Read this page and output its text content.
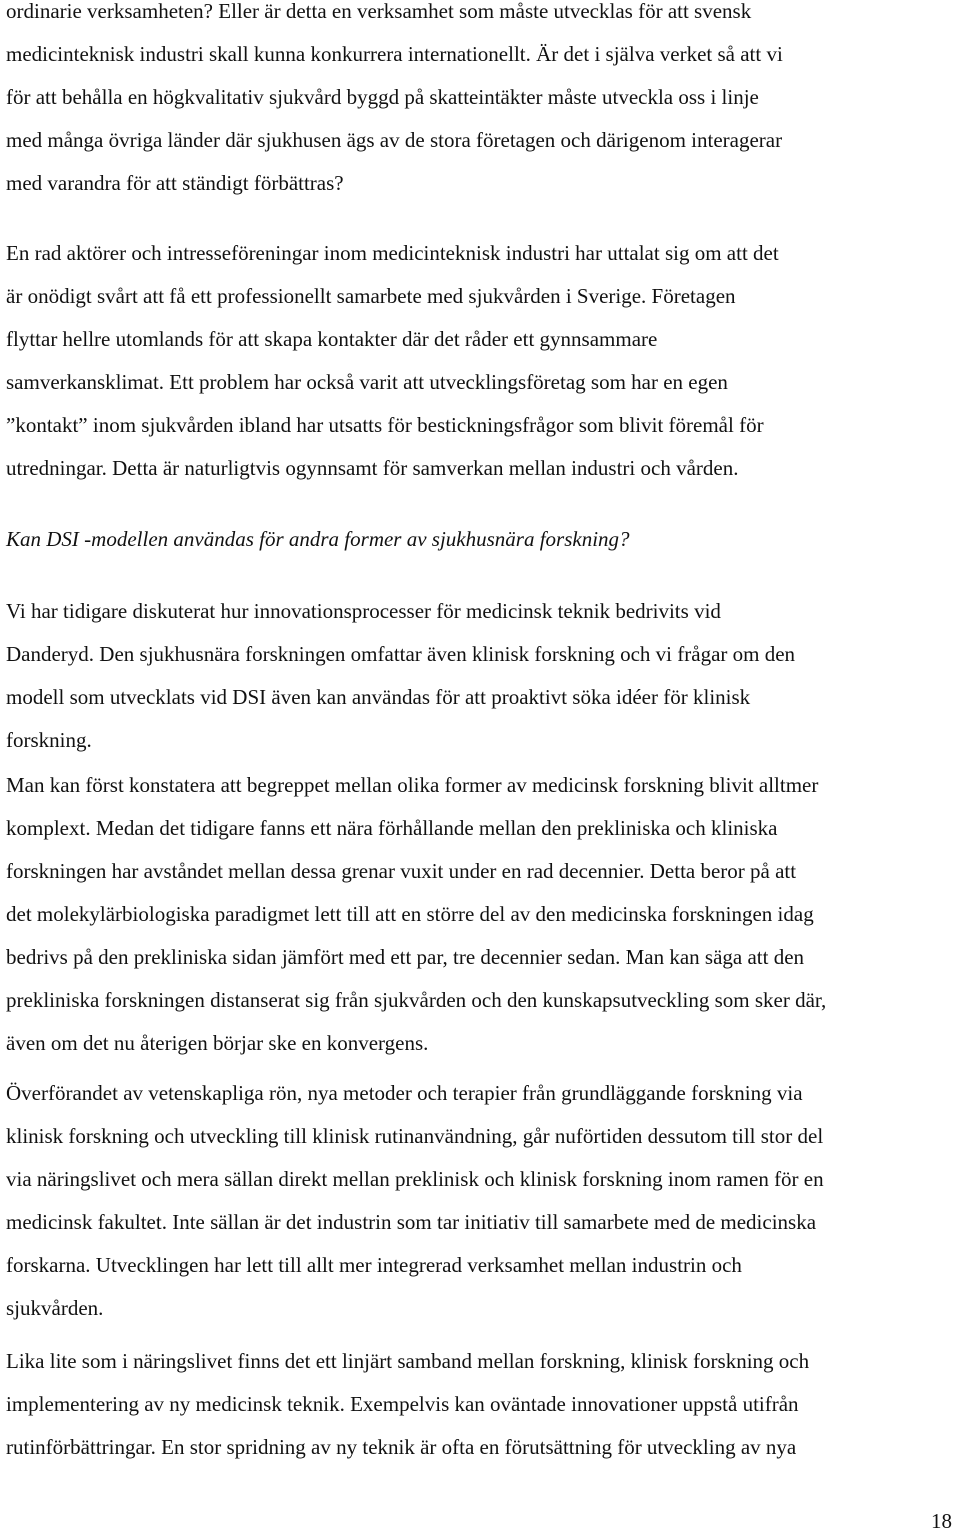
ordinarie verksamheten? Eller är detta en verksamhet som måste utvecklas för att svensk
medicinteknisk industri skall kunna konkurrera internationellt. Är det i själva verket så att vi
för att behålla en högkvalitativ sjukvård byggd på skatteintäkter måste utveckla oss i linje
med många övriga länder där sjukhusen ägs av de stora företagen och därigenom interagerar
med varandra för att ständigt förbättras?

En rad aktörer och intresseföreningar inom medicinteknisk industri har uttalat sig om att det
är onödigt svårt att få ett professionellt samarbete med sjukvården i Sverige. Företagen
flyttar hellre utomlands för att skapa kontakter där det råder ett gynnsammare
samverkansklimat. Ett problem har också varit att utvecklingsföretag som har en egen
”kontakt” inom sjukvården ibland har utsatts för bestickningsfrågor som blivit föremål för
utredningar. Detta är naturligtvis ogynnsamt för samverkan mellan industri och vården.

Kan DSI -modellen användas för andra former av sjukhusnära forskning?

Vi har tidigare diskuterat hur innovationsprocesser för medicinsk teknik bedrivits vid
Danderyd. Den sjukhusnära forskningen omfattar även klinisk forskning och vi frågar om den
modell som utvecklats vid DSI även kan användas för att proaktivt söka idéer för klinisk
forskning.

Man kan först konstatera att begreppet mellan olika former av medicinsk forskning blivit alltmer
komplext. Medan det tidigare fanns ett nära förhållande mellan den prekliniska och kliniska
forskningen har avståndet mellan dessa grenar vuxit under en rad decennier. Detta beror på att
det molekylärbiologiska paradigmet lett till att en större del av den medicinska forskningen idag
bedrivs på den prekliniska sidan jämfört med ett par, tre decennier sedan. Man kan säga att den
prekliniska forskningen distanserat sig från sjukvården och den kunskapsutveckling som sker där,
även om det nu återigen börjar ske en konvergens.

Överförandet av vetenskapliga rön, nya metoder och terapier från grundläggande forskning via
klinisk forskning och utveckling till klinisk rutinanvändning, går nuförtiden dessutom till stor del
via näringslivet och mera sällan direkt mellan preklinisk och klinisk forskning inom ramen för en
medicinsk fakultet. Inte sällan är det industrin som tar initiativ till samarbete med de medicinska
forskarna. Utvecklingen har lett till allt mer integrerad verksamhet mellan industrin och
sjukvården.

Lika lite som i näringslivet finns det ett linjärt samband mellan forskning, klinisk forskning och
implementering av ny medicinsk teknik. Exempelvis kan oväntade innovationer uppstå utifrån
rutinförbättringar. En stor spridning av ny teknik är ofta en förutsättning för utveckling av nya

18
